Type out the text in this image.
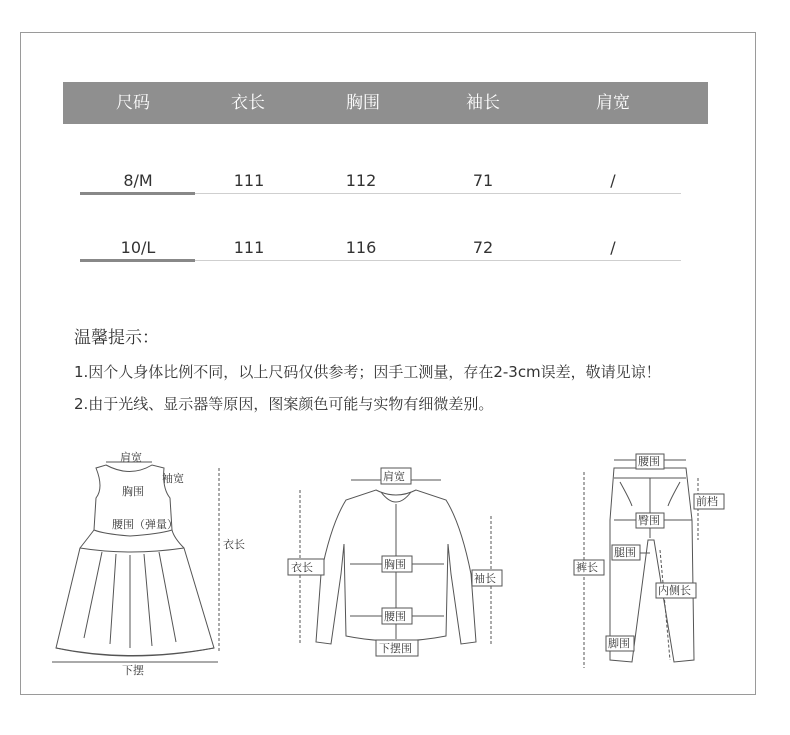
尺码	衣长	胸围	袖长	肩宽
8/M	111	112	71	/
10/L	111	116	72	/
温馨提示：
1.因个人身体比例不同，以上尺码仅供参考；因手工测量，存在2-3cm误差，敬请见谅！
2.由于光线、显示器等原因，图案颜色可能与实物有细微差别。
肩宽
胸围
袖宽
腰围（弹量）
衣长
下摆
肩宽
衣长	胸围
袖长
腰围
下摆围
腰围
前档
臀围
腿围
裤长
内侧长
脚围
